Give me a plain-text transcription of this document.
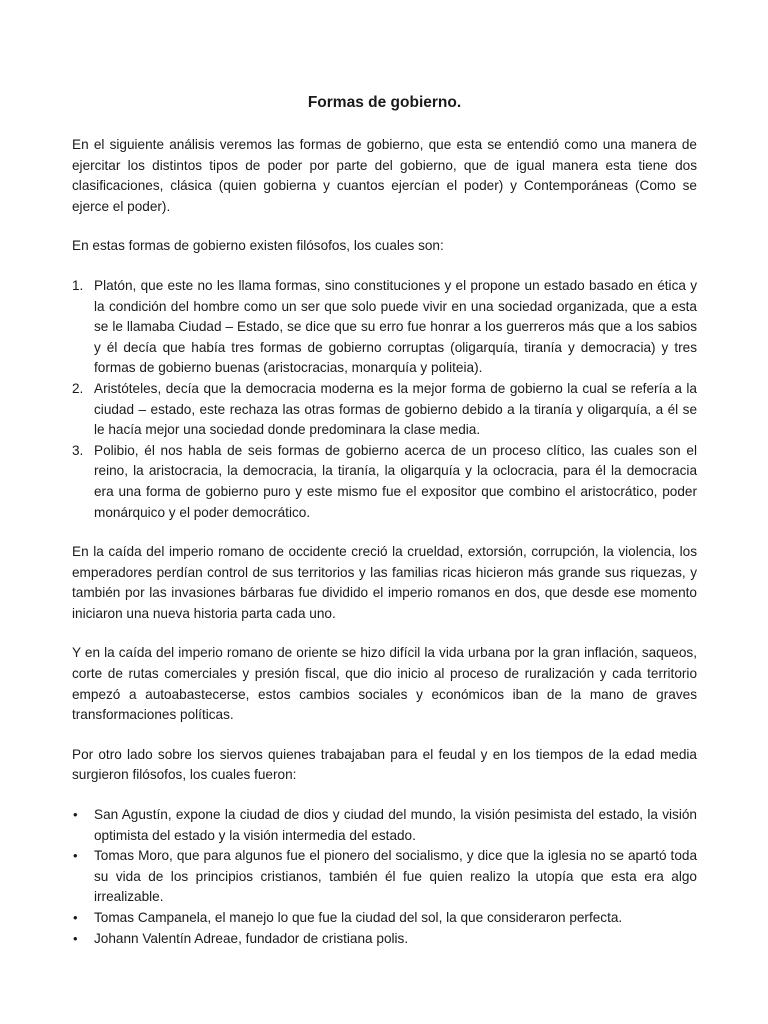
Formas de gobierno.

En el siguiente análisis veremos las formas de gobierno, que esta se entendió como una manera de ejercitar los distintos tipos de poder por parte del gobierno, que de igual manera esta tiene dos clasificaciones, clásica (quien gobierna y cuantos ejercían el poder) y Contemporáneas (Como se ejerce el poder).

En estas formas de gobierno existen filósofos, los cuales son:

1. Platón, que este no les llama formas, sino constituciones y el propone un estado basado en ética y la condición del hombre como un ser que solo puede vivir en una sociedad organizada, que a esta se le llamaba Ciudad – Estado, se dice que su erro fue honrar a los guerreros más que a los sabios y él decía que había tres formas de gobierno corruptas (oligarquía, tiranía y democracia) y tres formas de gobierno buenas (aristocracias, monarquía y politeia).
2. Aristóteles, decía que la democracia moderna es la mejor forma de gobierno la cual se refería a la ciudad – estado, este rechaza las otras formas de gobierno debido a la tiranía y oligarquía, a él se le hacía mejor una sociedad donde predominara la clase media.
3. Polibio, él nos habla de seis formas de gobierno acerca de un proceso clítico, las cuales son el reino, la aristocracia, la democracia, la tiranía, la oligarquía y la oclocracia, para él la democracia era una forma de gobierno puro y este mismo fue el expositor que combino el aristocrático, poder monárquico y el poder democrático.

En la caída del imperio romano de occidente creció la crueldad, extorsión, corrupción, la violencia, los emperadores perdían control de sus territorios y las familias ricas hicieron más grande sus riquezas, y también por las invasiones bárbaras fue dividido el imperio romanos en dos, que desde ese momento iniciaron una nueva historia parta cada uno.

Y en la caída del imperio romano de oriente se hizo difícil la vida urbana por la gran inflación, saqueos, corte de rutas comerciales y presión fiscal, que dio inicio al proceso de ruralización y cada territorio empezó a autoabastecerse, estos cambios sociales y económicos iban de la mano de graves transformaciones políticas.

Por otro lado sobre los siervos quienes trabajaban para el feudal y en los tiempos de la edad media surgieron filósofos, los cuales fueron:

• San Agustín, expone la ciudad de dios y ciudad del mundo, la visión pesimista del estado, la visión optimista del estado y la visión intermedia del estado.
• Tomas Moro, que para algunos fue el pionero del socialismo, y dice que la iglesia no se apartó toda su vida de los principios cristianos, también él fue quien realizo la utopía que esta era algo irrealizable.
• Tomas Campanela, el manejo lo que fue la ciudad del sol, la que consideraron perfecta.
• Johann Valentín Adreae, fundador de cristiana polis.
